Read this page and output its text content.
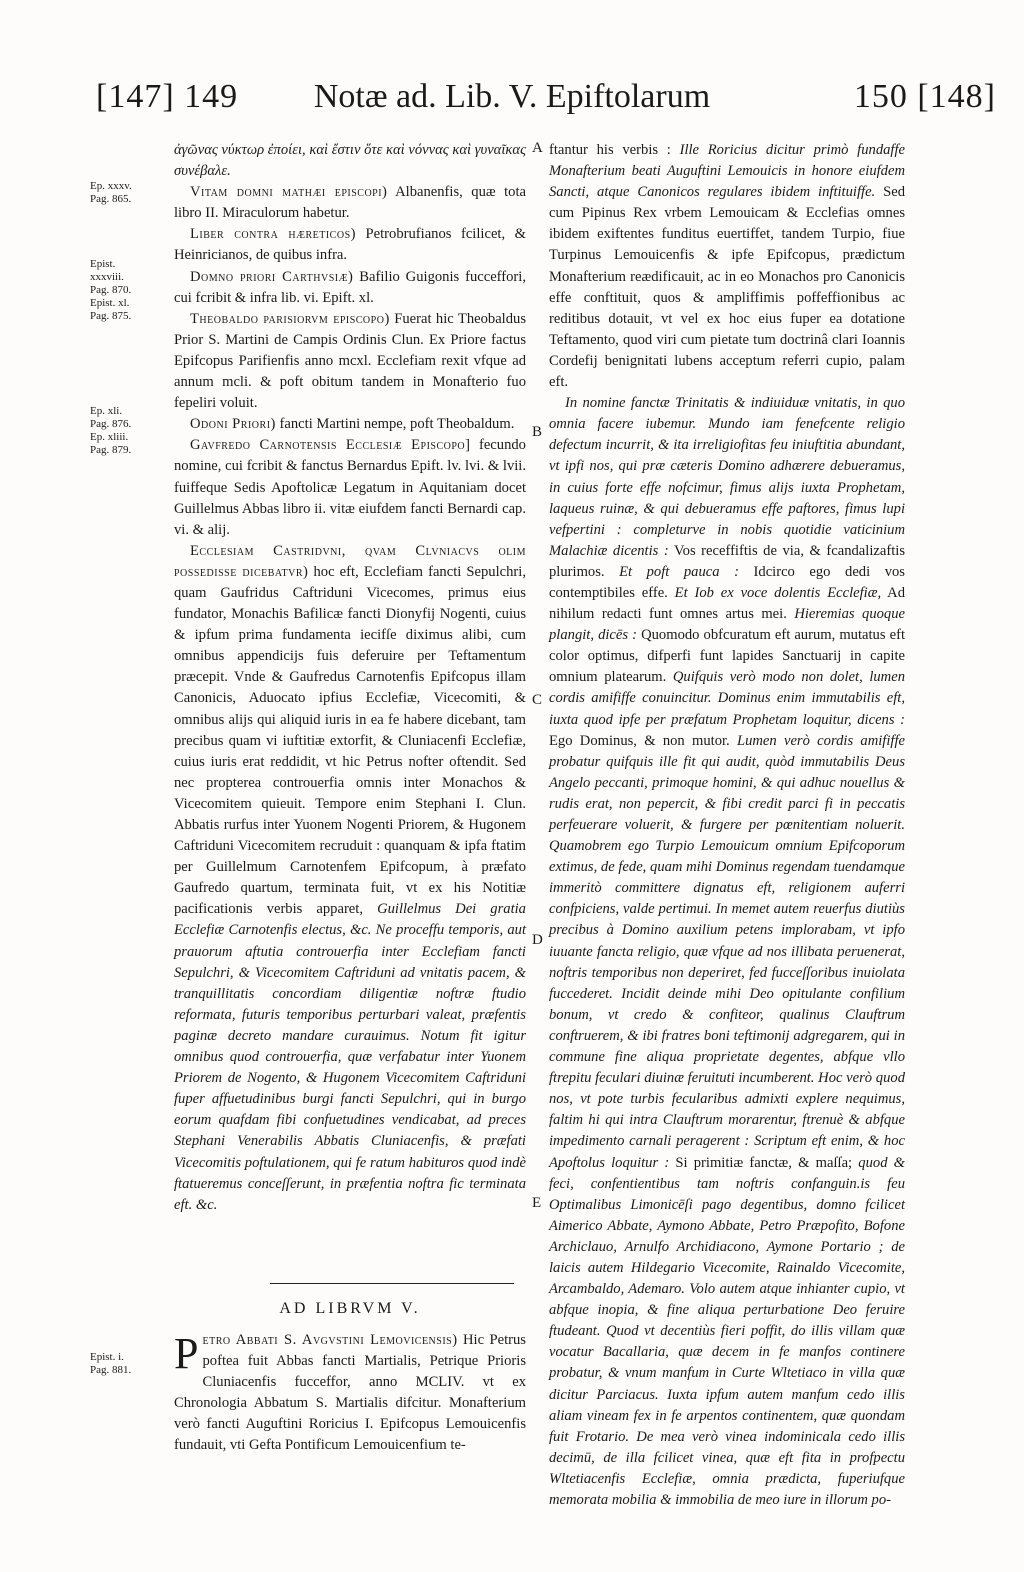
[147] 149	Notæ ad. Lib. V. Epiftolarum	150 [148]
Ep. xxxv.
Pag. 865.
Epist.
xxxviii.
Pag. 870.
Epist. xl.
Pag. 875.
Ep. xli.
Pag. 876.
Ep. xliii.
Pag. 879.
Epist. i.
Pag. 881.
A
B
C
D
E

ἀγῶνας νύκτωρ ἐποίει, καὶ ἔστιν ὅτε καὶ νόννας καὶ γυναῖκας συνέβαλε.

Vitam domni mathæi episcopi) Albanenfis, quæ tota libro II. Miraculorum habetur.

Liber contra hæreticos) Petrobrufianos fcilicet, & Heinricianos, de quibus infra.

Domno priori Carthvsiæ) Bafilio Guigonis fucceffori, cui fcribit & infra lib. vi. Epift. xl.

Theobaldo parisiorvm episcopo) Fuerat hic Theobaldus Prior S. Martini de Campis Ordinis Clun. Ex Priore factus Epifcopus Parifienfis anno mcxl. Ecclefiam rexit vfque ad annum mcli. & poft obitum tandem in Monafterio fuo fepeliri voluit.

Odoni Priori) fancti Martini nempe, poft Theobaldum.

Gavfredo Carnotensis Ecclesiæ Episcopo] fecundo nomine, cui fcribit & fanctus Bernardus Epift. lv. lvi. & lvii. fuiffeque Sedis Apoftolicæ Legatum in Aquitaniam docet Guillelmus Abbas libro ii. vitæ eiufdem fancti Bernardi cap. vi. & alij.

Ecclesiam Castridvni, qvam Clvniacvs olim possedisse dicebatvr) hoc eft, Ecclefiam fancti Sepulchri, quam Gaufridus Caftriduni Vicecomes, primus eius fundator, Monachis Bafilicæ fancti Dionyfij Nogenti, cuius & ipfum prima fundamenta iecifſe diximus alibi, cum omnibus appendicijs fuis deferuire per Teftamentum præcepit. Vnde & Gaufredus Carnotenfis Epifcopus illam Canonicis, Aduocato ipfius Ecclefiæ, Vicecomiti, & omnibus alijs qui aliquid iuris in ea fe habere dicebant, tam precibus quam vi iuftitiæ extorfit, & Cluniacenfi Ecclefiæ, cuius iuris erat reddidit, vt hic Petrus nofter oftendit. Sed nec propterea controuerfia omnis inter Monachos & Vicecomitem quieuit. Tempore enim Stephani I. Clun. Abbatis rurfus inter Yuonem Nogenti Priorem, & Hugonem Caftriduni Vicecomitem recruduit : quanquam & ipfa ftatim per Guillelmum Carnotenfem Epifcopum, à præfato Gaufredo quartum, terminata fuit, vt ex his Notitiæ pacificationis verbis apparet, Guillelmus Dei gratia Ecclefiæ Carnotenfis electus, &c. Ne proceffu temporis, aut prauorum aftutia controuerfia inter Ecclefiam fancti Sepulchri, & Vicecomitem Caftriduni ad vnitatis pacem, & tranquillitatis concordiam diligentiæ noftræ ftudio reformata, futuris temporibus perturbari valeat, præfentis paginæ decreto mandare curauimus. Notum fit igitur omnibus quod controuerfia, quæ verfabatur inter Yuonem Priorem de Nogento, & Hugonem Vicecomitem Caftriduni fuper affuetudinibus burgi fancti Sepulchri, qui in burgo eorum quafdam fibi confuetudines vendicabat, ad preces Stephani Venerabilis Abbatis Cluniacenfis, & præfati Vicecomitis poftulationem, qui fe ratum habituros quod indè ftatueremus conceſſerunt, in præfentia noftra fic terminata eft. &c.

AD LIBRVM V.
Petro Abbati S. Avgvstini Lemovicensis) Hic Petrus poftea fuit Abbas fancti Martialis, Petrique Prioris Cluniacenfis fucceffor, anno MCLIV. vt ex Chronologia Abbatum S. Martialis difcitur. Monafterium verò fancti Auguftini Roricius I. Epifcopus Lemouicenfis fundauit, vti Gefta Pontificum Lemouicenfium te-

ftantur his verbis : Ille Roricius dicitur primò fundaffe Monafterium beati Auguftini Lemouicis in honore eiufdem Sancti, atque Canonicos regulares ibidem inftituiffe. Sed cum Pipinus Rex vrbem Lemouicam & Ecclefias omnes ibidem exiftentes funditus euertiffet, tandem Turpio, fiue Turpinus Lemouicenfis & ipfe Epifcopus, prædictum Monafterium reædificauit, ac in eo Monachos pro Canonicis effe conftituit, quos & ampliffimis poffeffionibus ac reditibus dotauit, vt vel ex hoc eius fuper ea dotatione Teftamento, quod viri cum pietate tum doctrinâ clari Ioannis Cordefij benignitati lubens acceptum referri cupio, palam eft.

In nomine fanctæ Trinitatis & indiuiduæ vnitatis, in quo omnia facere iubemur. Mundo iam fenefcente religio defectum incurrit, & ita irreligiofitas feu iniuftitia abundant, vt ipfi nos, qui præ cæteris Domino adhærere debueramus, in cuius forte effe nofcimur, fimus alijs iuxta Prophetam, laqueus ruinæ, & qui debueramus effe paftores, fimus lupi vefpertini : completurve in nobis quotidie vaticinium Malachiæ dicentis : Vos receffiftis de via, & fcandalizaftis plurimos. Et poft pauca : Idcirco ego dedi vos contemptibiles effe. Et Iob ex voce dolentis Ecclefiæ, Ad nihilum redacti funt omnes artus mei. Hieremias quoque plangit, dicēs : Quomodo obfcuratum eft aurum, mutatus eft color optimus, difperfi funt lapides Sanctuarij in capite omnium platearum. Quifquis verò modo non dolet, lumen cordis amififfe conuincitur. Dominus enim immutabilis eft, iuxta quod ipfe per præfatum Prophetam loquitur, dicens : Ego Dominus, & non mutor. Lumen verò cordis amififfe probatur quifquis ille fit qui audit, quòd immutabilis Deus Angelo peccanti, primoque homini, & qui adhuc nouellus & rudis erat, non pepercit, & fibi credit parci fi in peccatis perfeuerare voluerit, & furgere per pœnitentiam noluerit. Quamobrem ego Turpio Lemouicum omnium Epifcoporum extimus, de fede, quam mihi Dominus regendam tuendamque immeritò committere dignatus eft, religionem auferri confpiciens, valde pertimui. In memet autem reuerfus diutiùs precibus à Domino auxilium petens implorabam, vt ipfo iuuante fancta religio, quæ vfque ad nos illibata peruenerat, noftris temporibus non deperiret, fed fucceſſoribus inuiolata fuccederet. Incidit deinde mihi Deo opitulante confilium bonum, vt credo & confiteor, qualinus Clauftrum conftruerem, & ibi fratres boni teftimonij adgregarem, qui in commune fine aliqua proprietate degentes, abfque vllo ftrepitu feculari diuinæ feruituti incumberent. Hoc verò quod nos, vt pote turbis fecularibus admixti explere nequimus, faltim hi qui intra Clauftrum morarentur, ftrenuè & abfque impedimento carnali peragerent : Scriptum eft enim, & hoc Apoftolus loquitur : Si primitiæ fanctæ, & maſſa; quod & feci, confentientibus tam noftris confanguin.is feu Optimalibus Limonicēſi pago degentibus, domno fcilicet Aimerico Abbate, Aymono Abbate, Petro Præpofito, Bofone Archiclauo, Arnulfo Archidiacono, Aymone Portario ; de laicis autem Hildegario Vicecomite, Rainaldo Vicecomite, Arcambaldo, Ademaro. Volo autem atque inhianter cupio, vt abfque inopia, & fine aliqua perturbatione Deo feruire ftudeant. Quod vt decentiùs fieri poffit, do illis villam quæ vocatur Bacallaria, quæ decem in fe manfos continere probatur, & vnum manfum in Curte Wltetiaco in villa quæ dicitur Parciacus. Iuxta ipfum autem manfum cedo illis aliam vineam fex in fe arpentos continentem, quæ quondam fuit Frotario. De mea verò vinea indominicala cedo illis decimū, de illa fcilicet vinea, quæ eft fita in profpectu Wltetiacenfis Ecclefiæ, omnia prædicta, fuperiufque memorata mobilia & immobilia de meo iure in illorum po-
